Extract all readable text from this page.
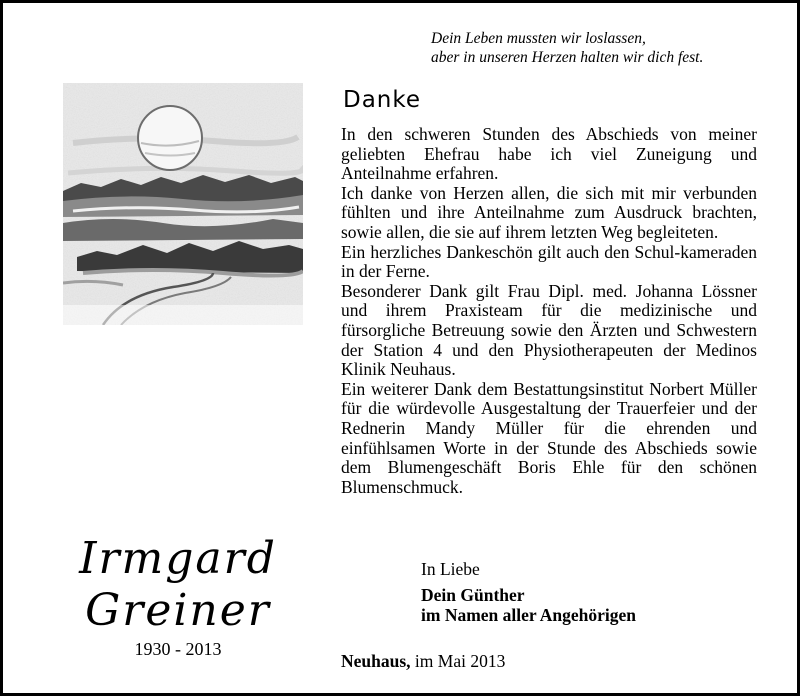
Dein Leben mussten wir loslassen,
aber in unseren Herzen halten wir dich fest.
Danke

In den schweren Stunden des Abschieds von meiner geliebten Ehefrau habe ich viel Zuneigung und Anteilnahme erfahren.

Ich danke von Herzen allen, die sich mit mir verbunden fühlten und ihre Anteilnahme zum Ausdruck brachten, sowie allen, die sie auf ihrem letzten Weg begleiteten.

Ein herzliches Dankeschön gilt auch den Schul-kameraden in der Ferne.

Besonderer Dank gilt Frau Dipl. med. Johanna Lössner und ihrem Praxisteam für die medizinische und fürsorgliche Betreuung sowie den Ärzten und Schwestern der Station 4 und den Physiotherapeuten der Medinos Klinik Neuhaus.

Ein weiterer Dank dem Bestattungsinstitut Norbert Müller für die würdevolle Ausgestaltung der Trauerfeier und der Rednerin Mandy Müller für die ehrenden und einfühlsamen Worte in der Stunde des Abschieds sowie dem Blumengeschäft Boris Ehle für den schönen Blumenschmuck.

Irmgard
Greiner
1930 - 2013
In Liebe
Dein Günther
im Namen aller Angehörigen
Neuhaus, im Mai 2013
